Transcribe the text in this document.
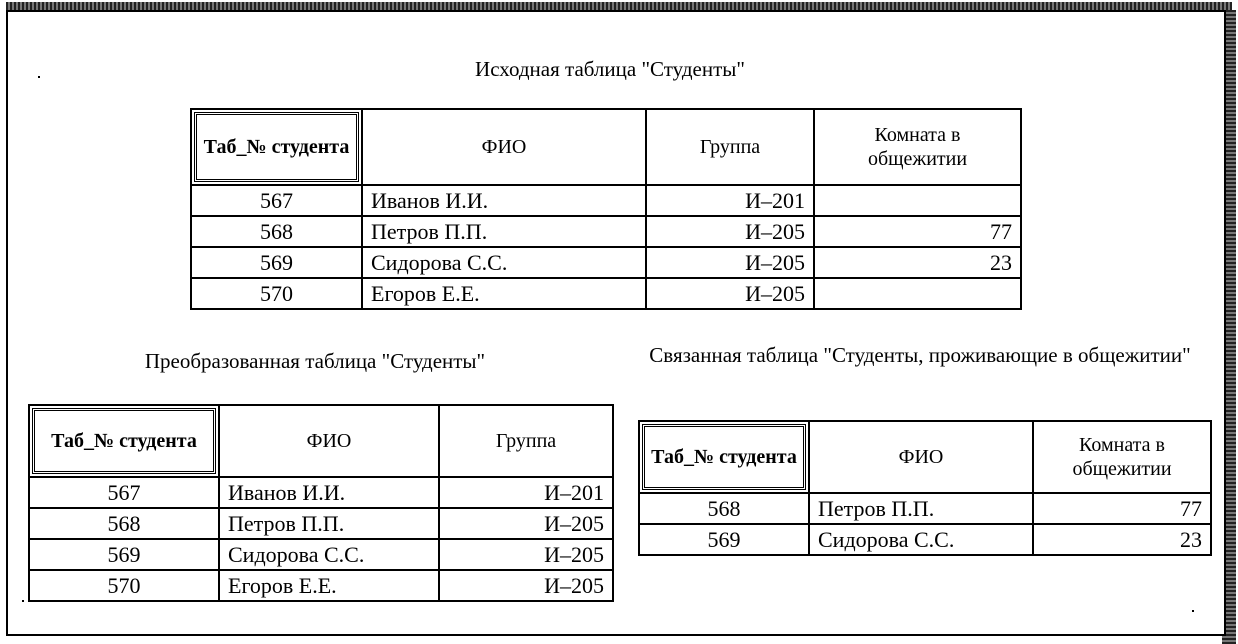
Исходная таблица "Студенты"
Таб_№ студента	ФИО	Группа	Комната в общежитии
567	Иванов И.И.	И–201	
568	Петров П.П.	И–205	77
569	Сидорова С.С.	И–205	23
570	Егоров Е.Е.	И–205	
Преобразованная таблица "Студенты"
Таб_№ студента	ФИО	Группа
567	Иванов И.И.	И–201
568	Петров П.П.	И–205
569	Сидорова С.С.	И–205
570	Егоров Е.Е.	И–205
Связанная таблица "Студенты, проживающие в общежитии"
Таб_№ студента	ФИО	Комната в общежитии
568	Петров П.П.	77
569	Сидорова С.С.	23
